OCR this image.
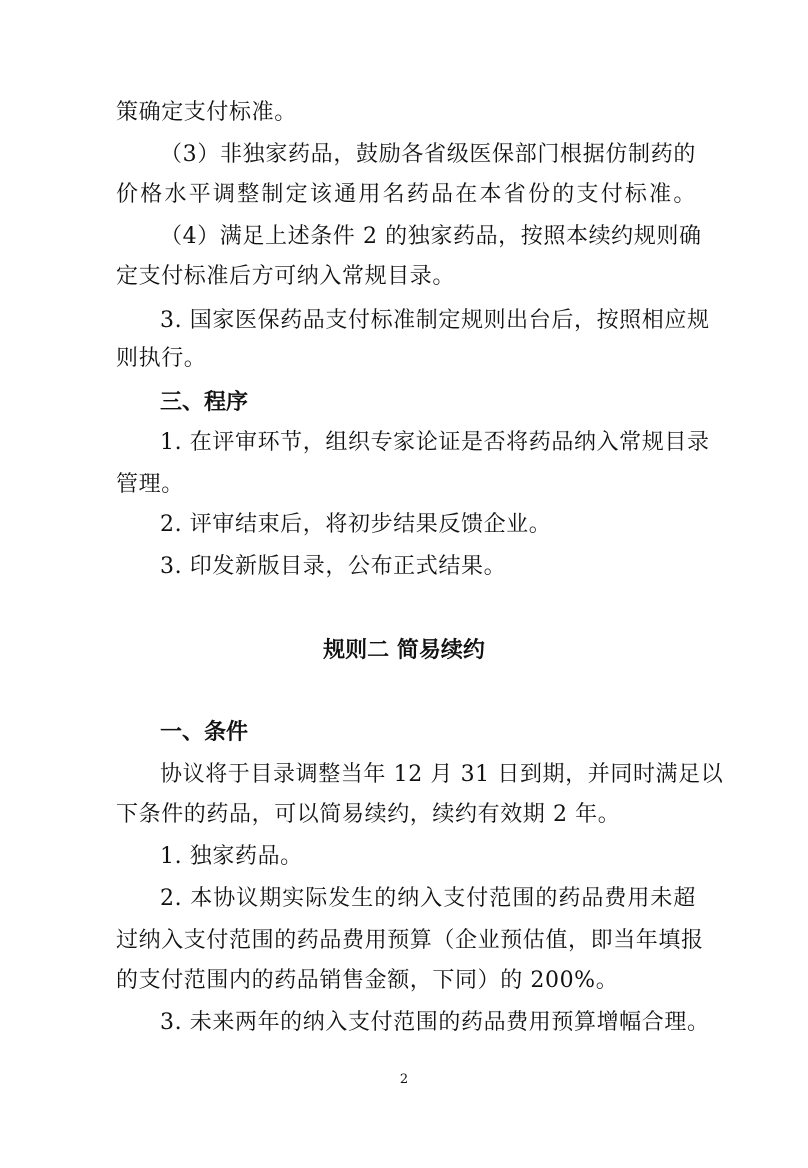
策确定支付标准。
（3）非独家药品，鼓励各省级医保部门根据仿制药的
价格水平调整制定该通用名药品在本省份的支付标准。
（4）满足上述条件 2 的独家药品，按照本续约规则确
定支付标准后方可纳入常规目录。
3. 国家医保药品支付标准制定规则出台后，按照相应规
则执行。
三、程序
1. 在评审环节，组织专家论证是否将药品纳入常规目录
管理。
2. 评审结束后，将初步结果反馈企业。
3. 印发新版目录，公布正式结果。
规则二 简易续约
一、条件
协议将于目录调整当年 12 月 31 日到期，并同时满足以
下条件的药品，可以简易续约，续约有效期 2 年。
1. 独家药品。
2. 本协议期实际发生的纳入支付范围的药品费用未超
过纳入支付范围的药品费用预算（企业预估值，即当年填报
的支付范围内的药品销售金额，下同）的 200%。
3. 未来两年的纳入支付范围的药品费用预算增幅合理。
2
